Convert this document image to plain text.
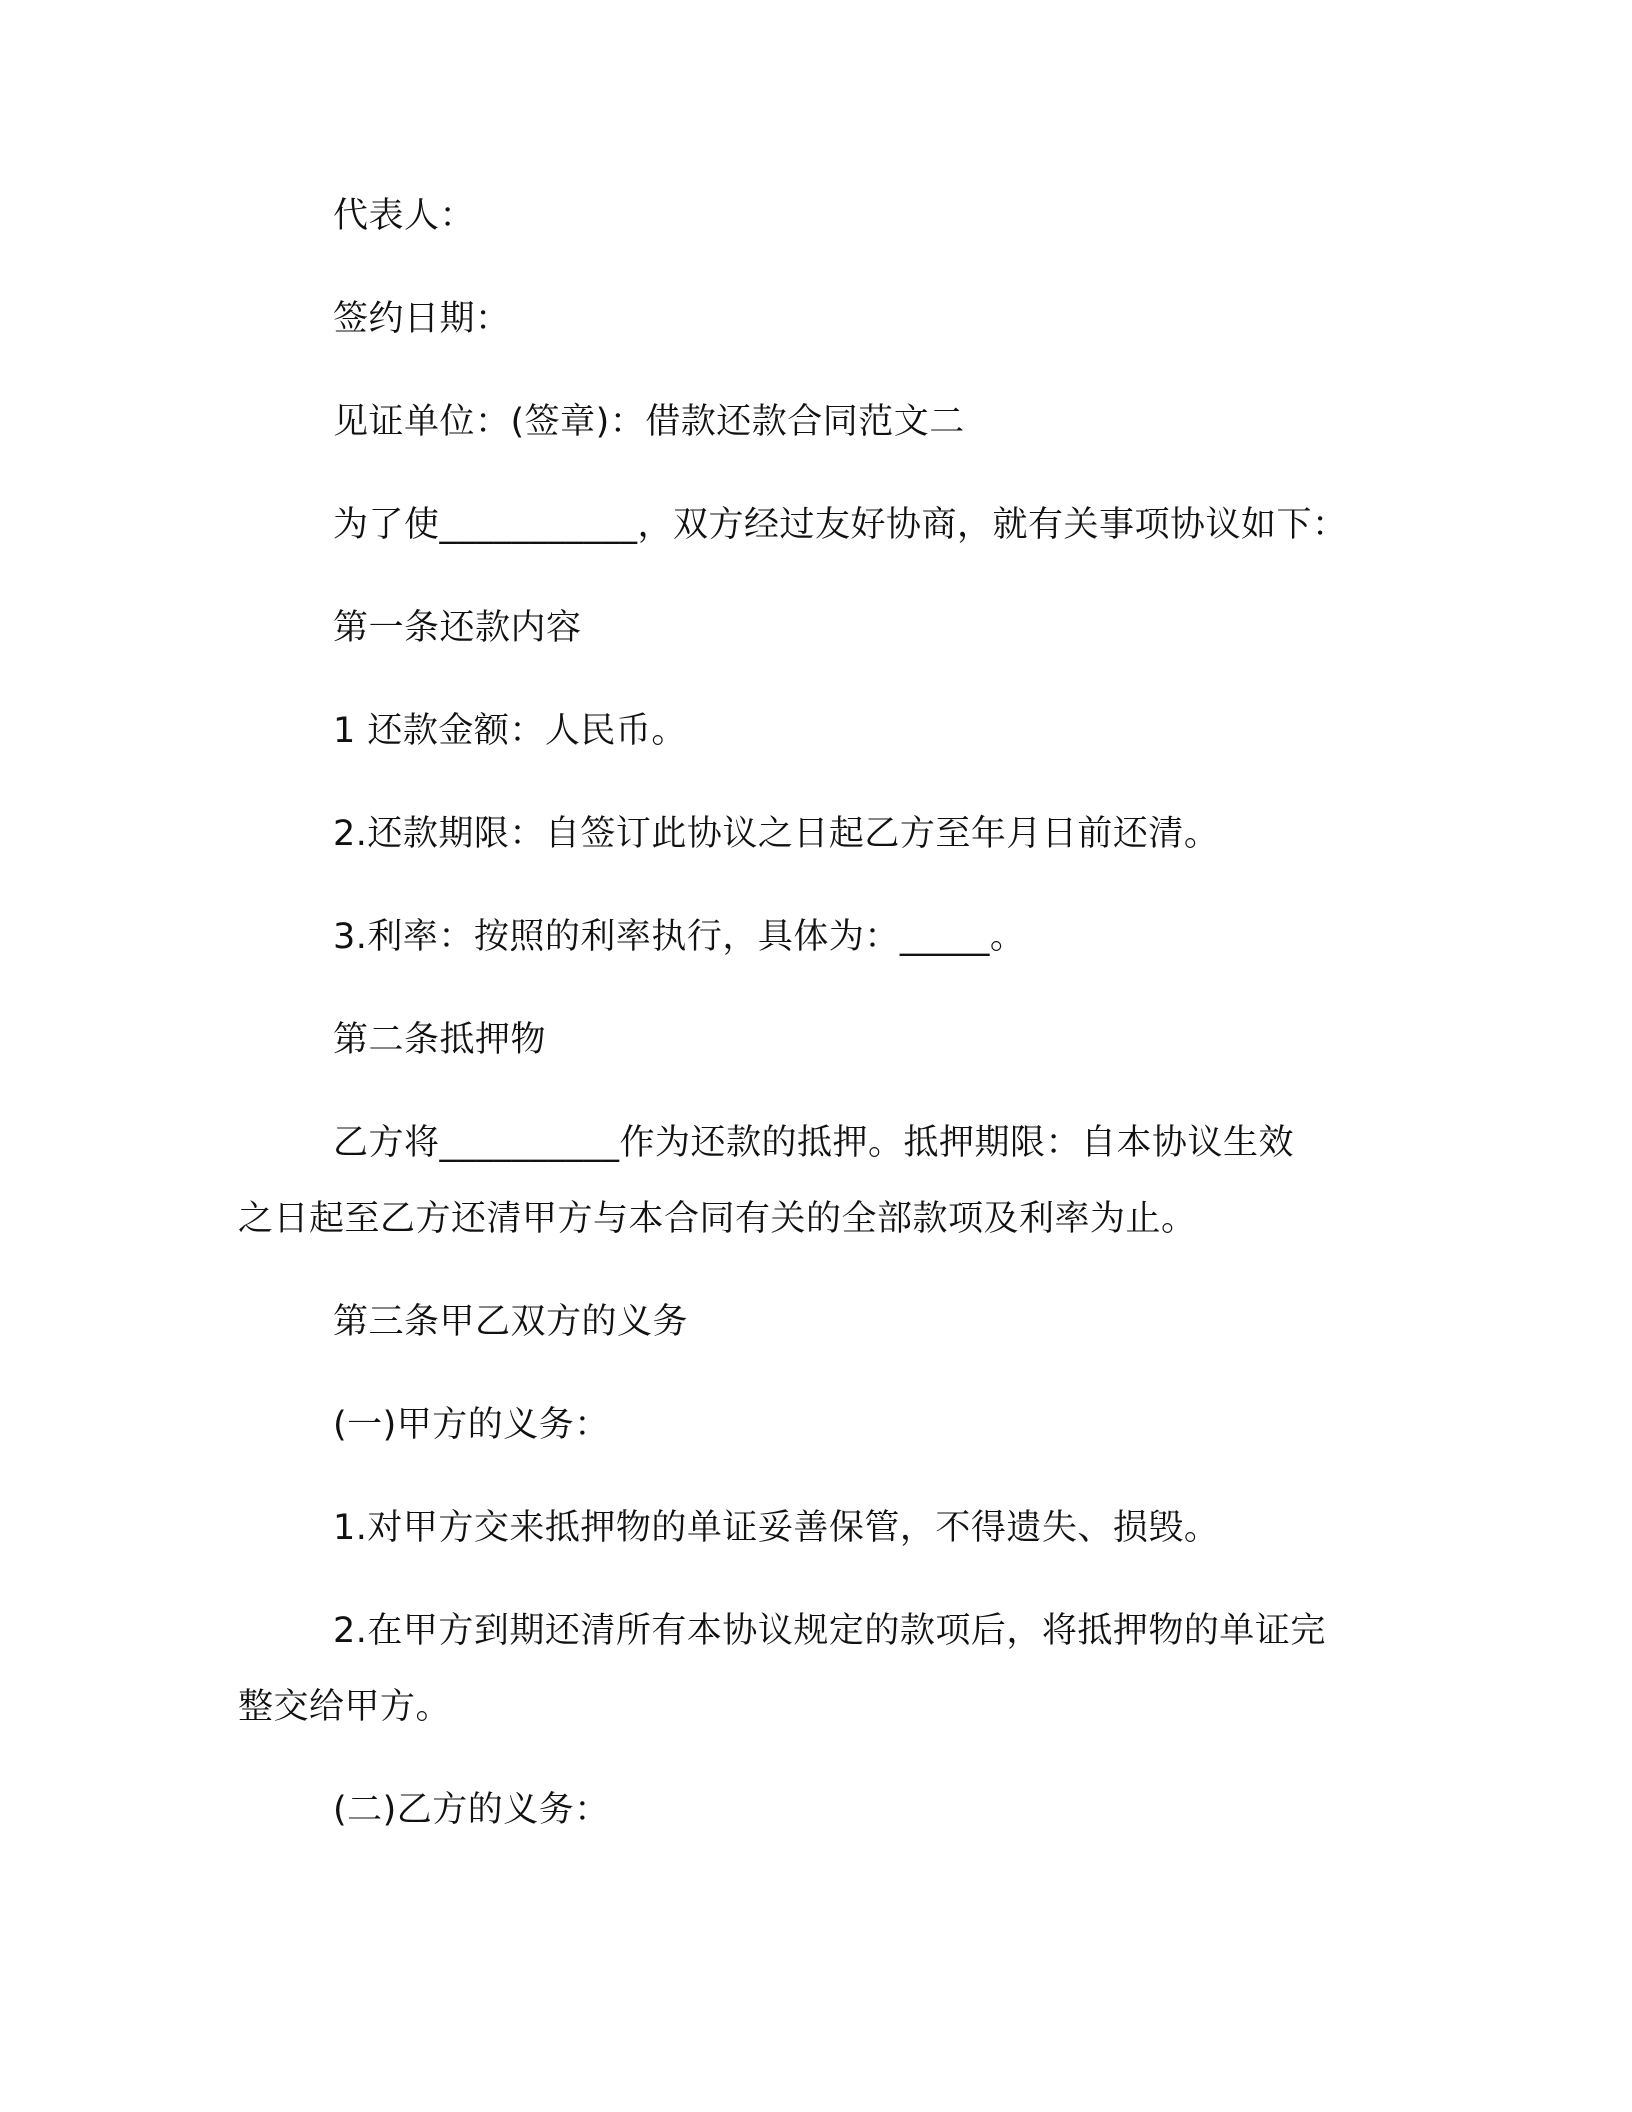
代表人：
签约日期：
见证单位：(签章)：借款还款合同范文二
为了使___________，双方经过友好协商，就有关事项协议如下：
第一条还款内容
1 还款金额：人民币。
2.还款期限：自签订此协议之日起乙方至年月日前还清。
3.利率：按照的利率执行，具体为：_____。
第二条抵押物
乙方将__________作为还款的抵押。抵押期限：自本协议生效
之日起至乙方还清甲方与本合同有关的全部款项及利率为止。
第三条甲乙双方的义务
(一)甲方的义务：
1.对甲方交来抵押物的单证妥善保管，不得遗失、损毁。
2.在甲方到期还清所有本协议规定的款项后，将抵押物的单证完
整交给甲方。
(二)乙方的义务：
